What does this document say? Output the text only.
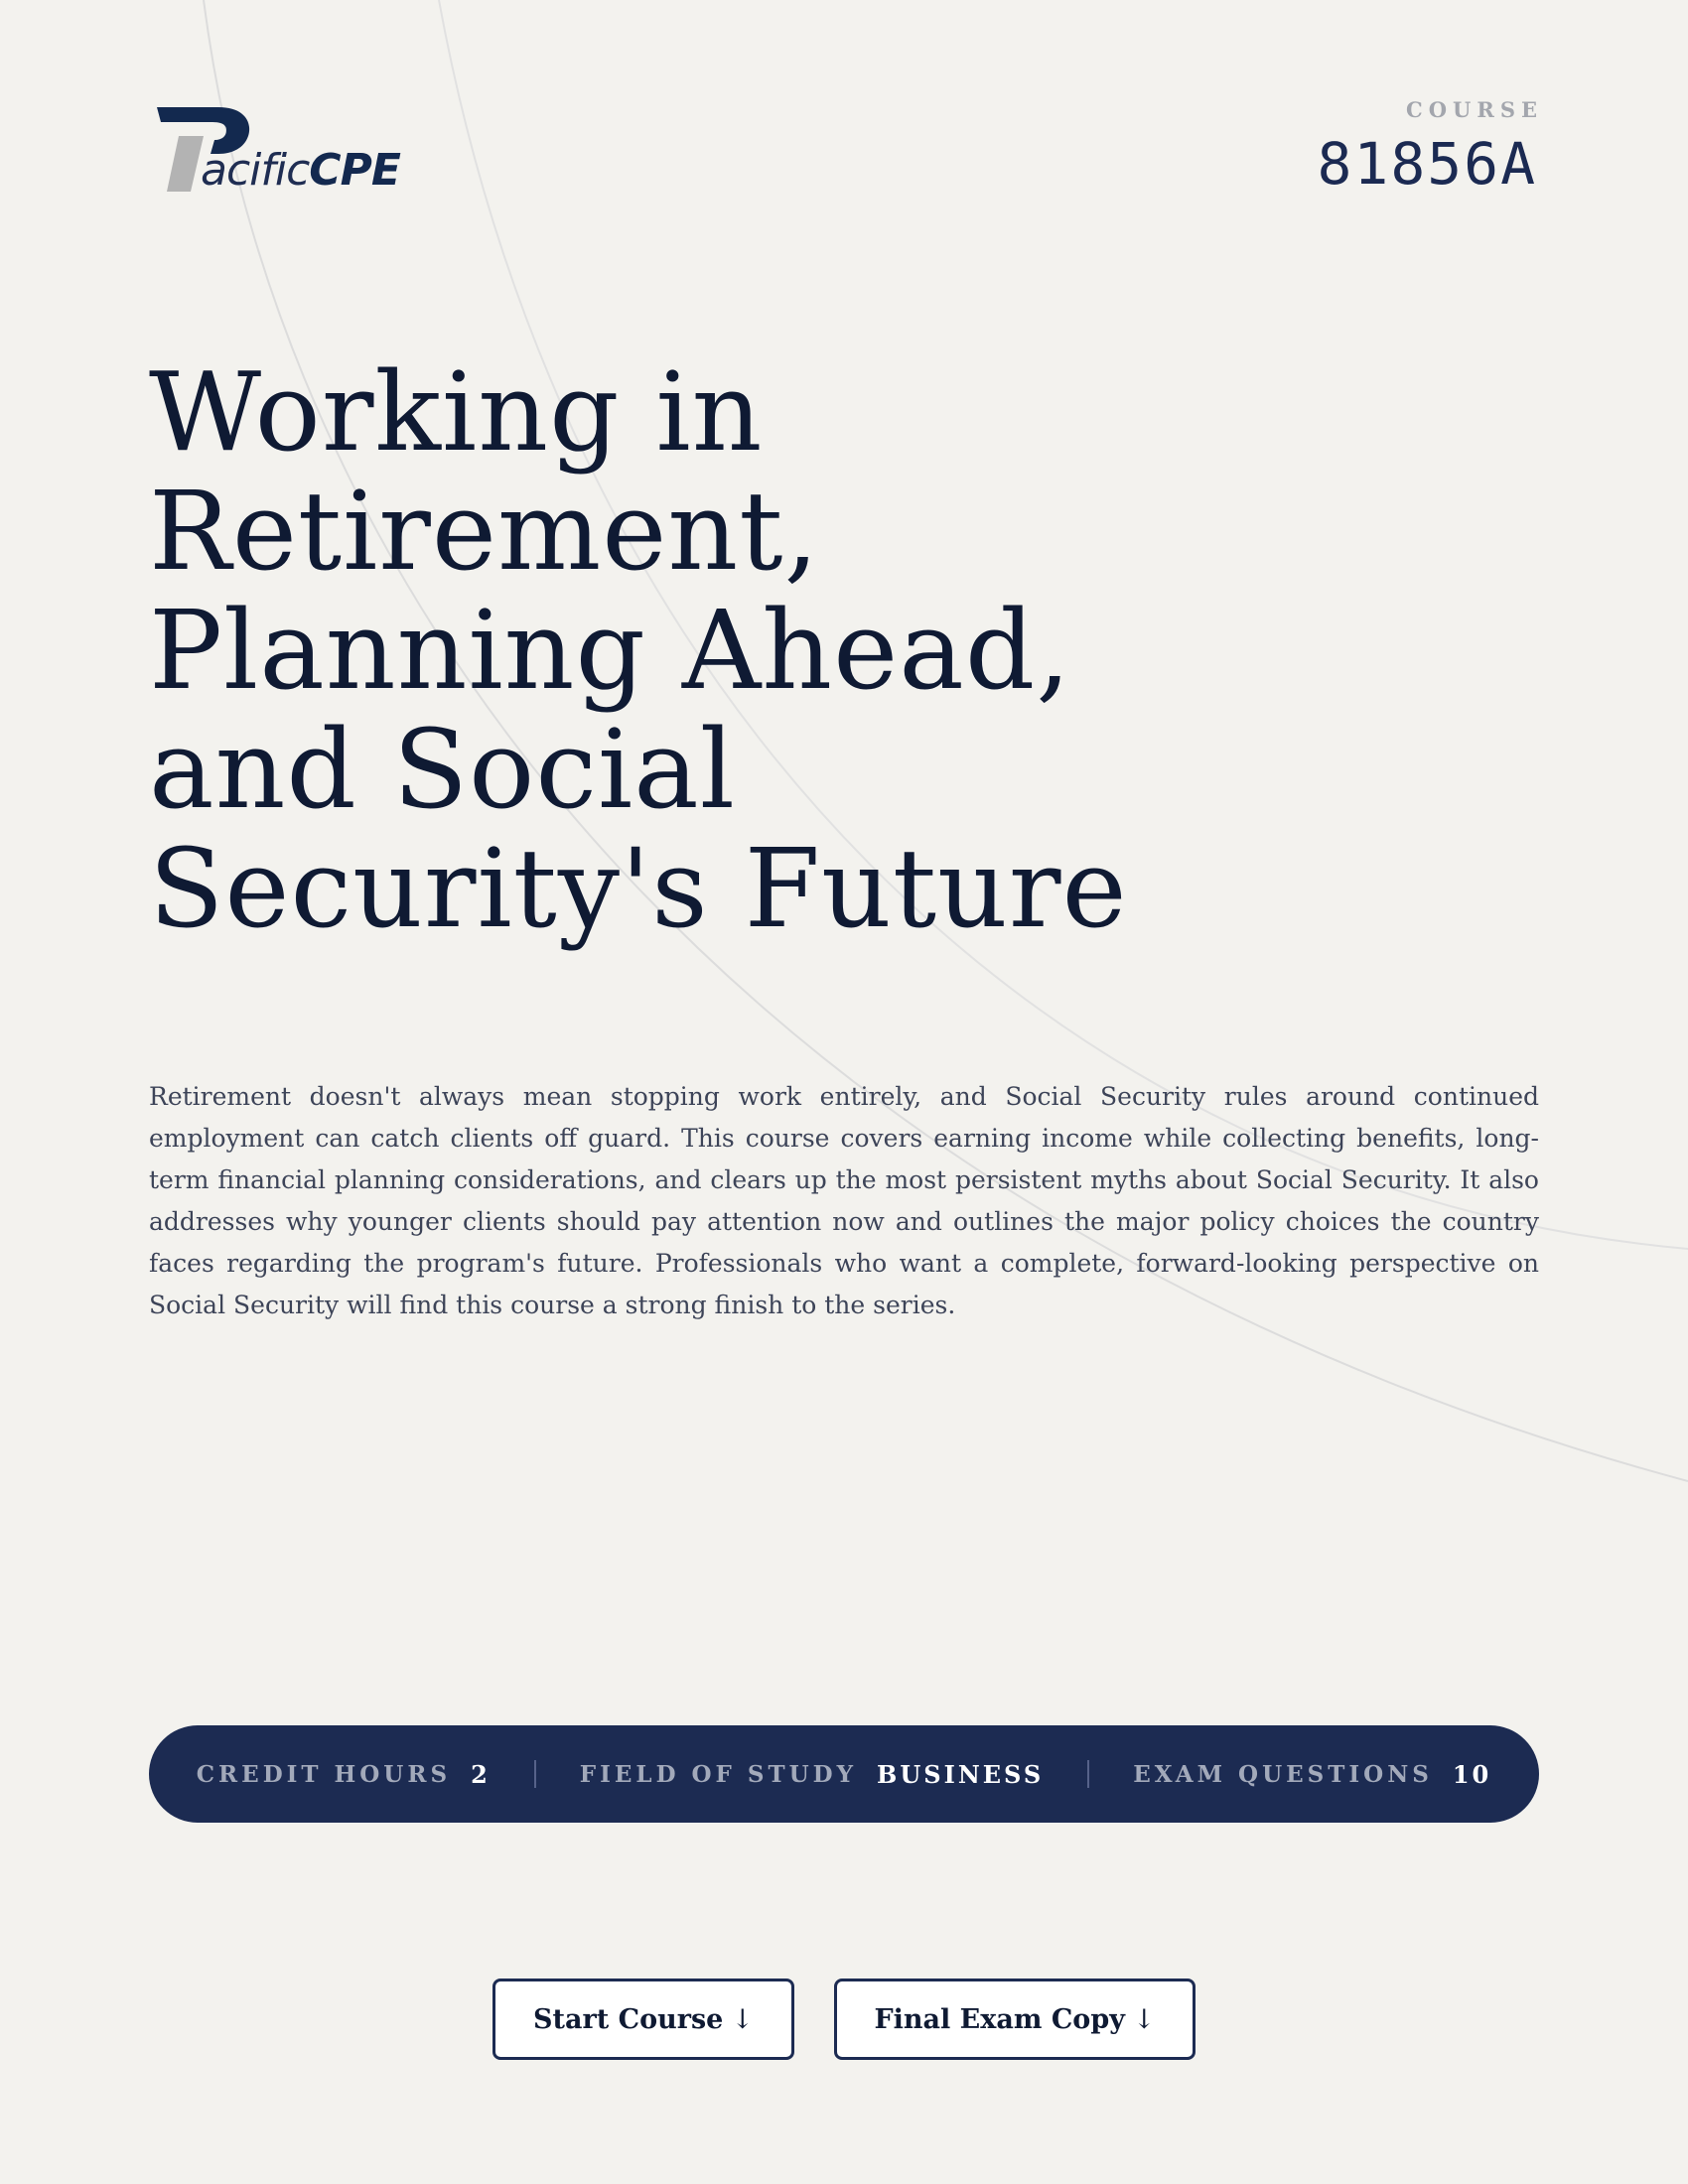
acificCPE
COURSE
81856A
Working in
Retirement,
Planning Ahead,
and Social
Security's Future

Retirement doesn't always mean stopping work entirely, and Social Security rules around continued employment can catch clients off guard. This course covers earning income while collecting benefits, long-term financial planning considerations, and clears up the most persistent myths about Social Security. It also addresses why younger clients should pay attention now and outlines the major policy choices the country faces regarding the program's future. Professionals who want a complete, forward-looking perspective on Social Security will find this course a strong finish to the series.

CREDIT HOURS 2	FIELD OF STUDY BUSINESS	EXAM QUESTIONS 10
Start Course ↓	Final Exam Copy ↓
